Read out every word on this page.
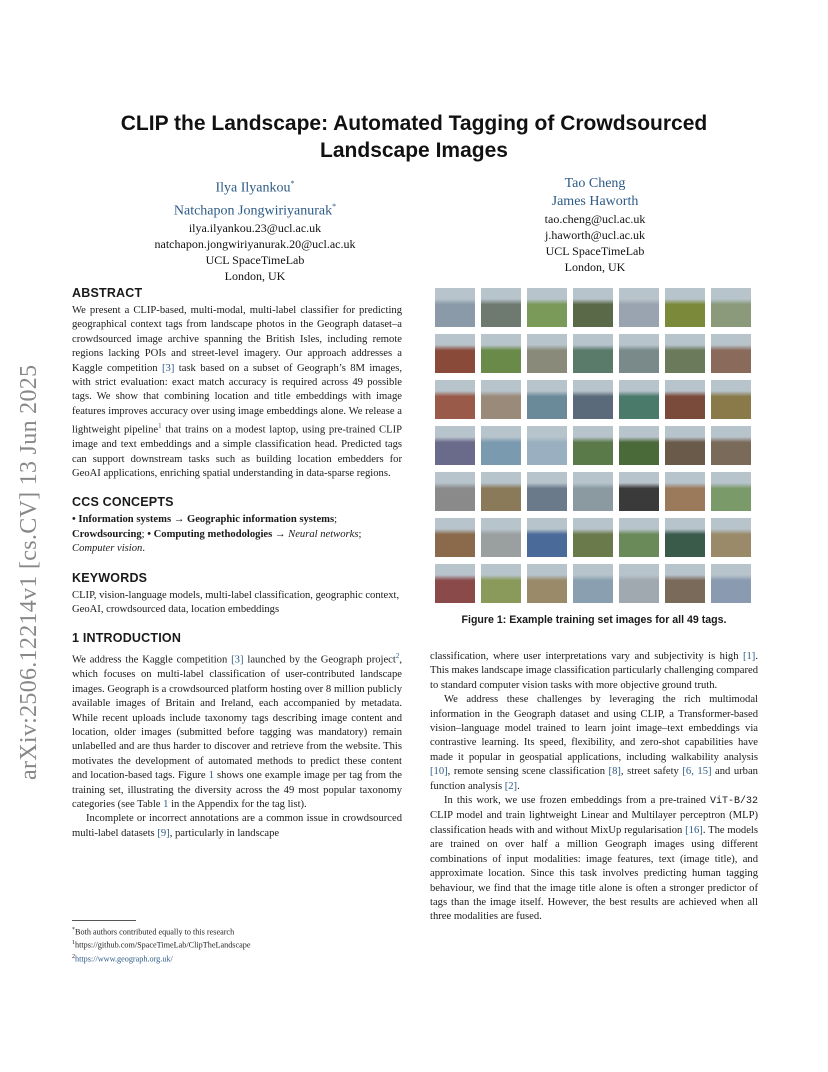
arXiv:2506.12214v1 [cs.CV] 13 Jun 2025
CLIP the Landscape: Automated Tagging of Crowdsourced Landscape Images
Ilya Ilyankou*
Natchapon Jongwiriyanurak*
ilya.ilyankou.23@ucl.ac.uk
natchapon.jongwiriyanurak.20@ucl.ac.uk
UCL SpaceTimeLab
London, UK
Tao Cheng
James Haworth
tao.cheng@ucl.ac.uk
j.haworth@ucl.ac.uk
UCL SpaceTimeLab
London, UK
ABSTRACT

We present a CLIP-based, multi-modal, multi-label classifier for predicting geographical context tags from landscape photos in the Geograph dataset–a crowdsourced image archive spanning the British Isles, including remote regions lacking POIs and street-level imagery. Our approach addresses a Kaggle competition [3] task based on a subset of Geograph’s 8M images, with strict evaluation: exact match accuracy is required across 49 possible tags. We show that combining location and title embeddings with image features improves accuracy over using image embeddings alone. We release a lightweight pipeline$^1$ that trains on a modest laptop, using pre-trained CLIP image and text embeddings and a simple classification head. Predicted tags can support downstream tasks such as building location embedders for GeoAI applications, enriching spatial understanding in data-sparse regions.

CCS CONCEPTS

• Information systems → Geographic information systems; Crowdsourcing; • Computing methodologies → Neural networks; Computer vision.

KEYWORDS

CLIP, vision-language models, multi-label classification, geographic context, GeoAI, crowdsourced data, location embeddings

1 INTRODUCTION

We address the Kaggle competition [3] launched by the Geograph project$^2$, which focuses on multi-label classification of user-contributed landscape images. Geograph is a crowdsourced platform hosting over 8 million publicly available images of Britain and Ireland, each accompanied by metadata. While recent uploads include taxonomy tags describing image content and location, older images (submitted before tagging was mandatory) remain unlabelled and are thus harder to discover and retrieve from the website. This motivates the development of automated methods to predict these content and location-based tags. Figure 1 shows one example image per tag from the training set, illustrating the diversity across the 49 most popular taxonomy categories (see Table 1 in the Appendix for the tag list).

Incomplete or incorrect annotations are a common issue in crowdsourced multi-label datasets [9], particularly in landscape

Figure 1: Example training set images for all 49 tags.

classification, where user interpretations vary and subjectivity is high [1]. This makes landscape image classification particularly challenging compared to standard computer vision tasks with more objective ground truth.

We address these challenges by leveraging the rich multimodal information in the Geograph dataset and using CLIP, a Transformer-based vision–language model trained to learn joint image–text embeddings via contrastive learning. Its speed, flexibility, and zero-shot capabilities have made it popular in geospatial applications, including walkability analysis [10], remote sensing scene classification [8], street safety [6, 15] and urban function analysis [2].

In this work, we use frozen embeddings from a pre-trained ViT-B/32 CLIP model and train lightweight Linear and Multilayer perceptron (MLP) classification heads with and without MixUp regularisation [16]. The models are trained on over half a million Geograph images using different combinations of input modalities: image features, text (image title), and approximate location. Since this task involves predicting human tagging behaviour, we find that the image title alone is often a stronger predictor of tags than the image itself. However, the best results are achieved when all three modalities are fused.

*Both authors contributed equally to this research
$^1$https://github.com/SpaceTimeLab/ClipTheLandscape
$^2$https://www.geograph.org.uk/
